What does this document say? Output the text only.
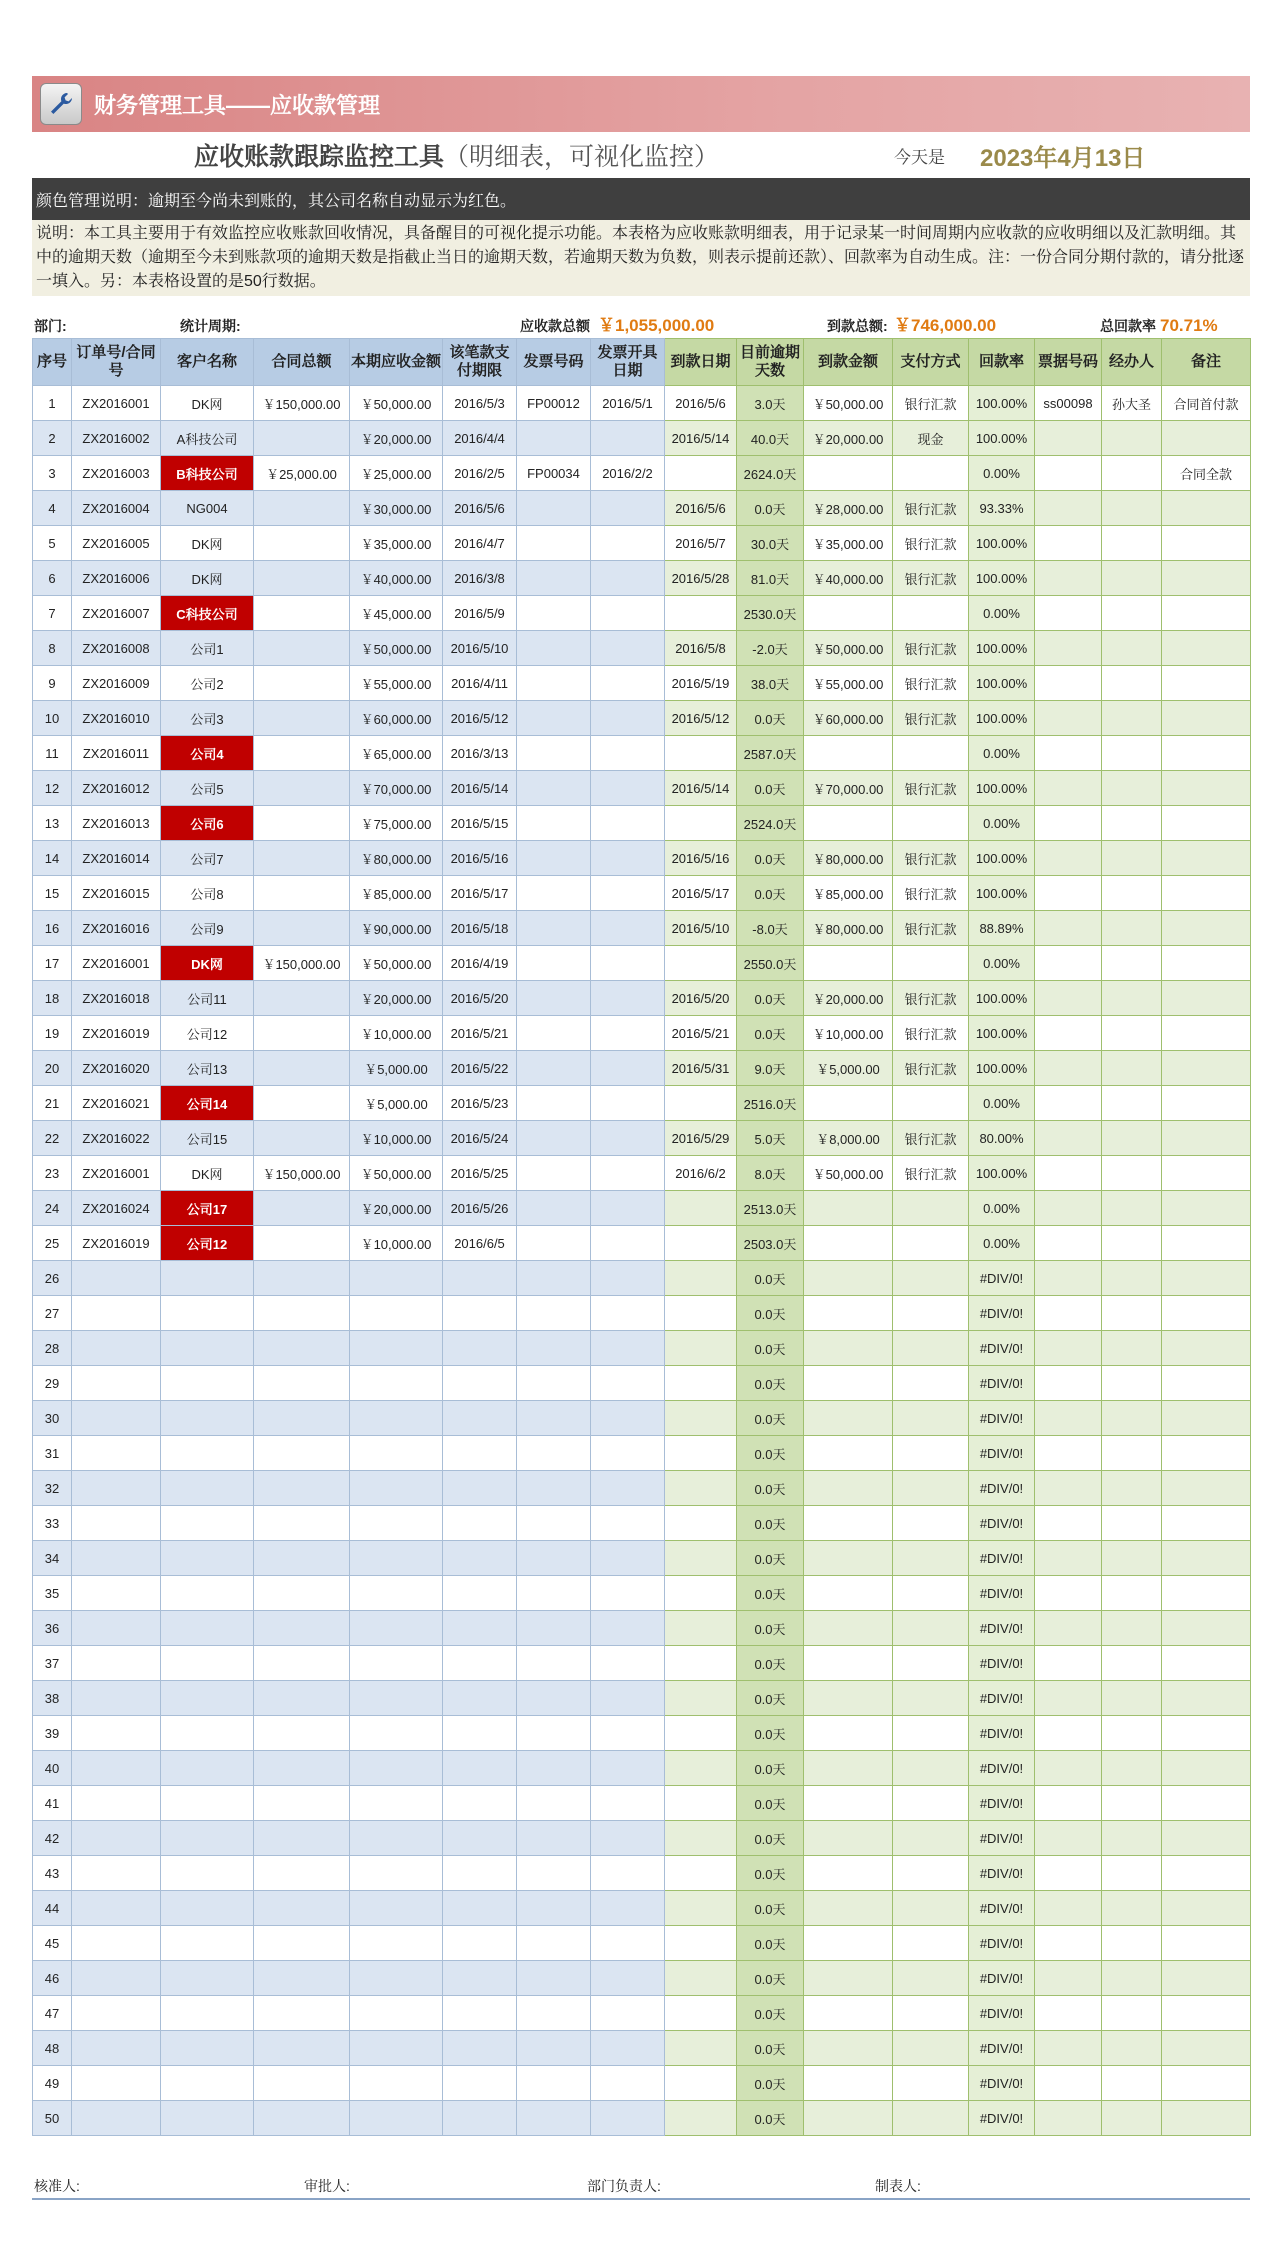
财务管理工具——应收款管理
应收账款跟踪监控工具（明细表，可视化监控）	今天是 2023年4月13日
颜色管理说明：逾期至今尚未到账的，其公司名称自动显示为红色。
说明：本工具主要用于有效监控应收账款回收情况，具备醒目的可视化提示功能。本表格为应收账款明细表，用于记录某一时间周期内应收款的应收明细以及汇款明细。其中的逾期天数（逾期至今未到账款项的逾期天数是指截止当日的逾期天数，若逾期天数为负数，则表示提前还款）、回款率为自动生成。注：一份合同分期付款的，请分批逐一填入。另：本表格设置的是50行数据。
部门:	统计周期:	应收款总额 ￥1,055,000.00	到款总额: ￥746,000.00	总回款率 70.71%
序号	订单号/合同号	客户名称	合同总额	本期应收金额	该笔款支付期限	发票号码	发票开具日期	到款日期	目前逾期天数	到款金额	支付方式	回款率	票据号码	经办人	备注
1	ZX2016001	DK网	￥150,000.00	￥50,000.00	2016/5/3	FP00012	2016/5/1	2016/5/6	3.0天	￥50,000.00	银行汇款	100.00%	ss00098	孙大圣	合同首付款
2	ZX2016002	A科技公司		￥20,000.00	2016/4/4			2016/5/14	40.0天	￥20,000.00	现金	100.00%			
3	ZX2016003	B科技公司	￥25,000.00	￥25,000.00	2016/2/5	FP00034	2016/2/2		2624.0天			0.00%			合同全款
4	ZX2016004	NG004		￥30,000.00	2016/5/6			2016/5/6	0.0天	￥28,000.00	银行汇款	93.33%			
5	ZX2016005	DK网		￥35,000.00	2016/4/7			2016/5/7	30.0天	￥35,000.00	银行汇款	100.00%			
6	ZX2016006	DK网		￥40,000.00	2016/3/8			2016/5/28	81.0天	￥40,000.00	银行汇款	100.00%			
7	ZX2016007	C科技公司		￥45,000.00	2016/5/9				2530.0天			0.00%			
8	ZX2016008	公司1		￥50,000.00	2016/5/10			2016/5/8	-2.0天	￥50,000.00	银行汇款	100.00%			
9	ZX2016009	公司2		￥55,000.00	2016/4/11			2016/5/19	38.0天	￥55,000.00	银行汇款	100.00%			
10	ZX2016010	公司3		￥60,000.00	2016/5/12			2016/5/12	0.0天	￥60,000.00	银行汇款	100.00%			
11	ZX2016011	公司4		￥65,000.00	2016/3/13				2587.0天			0.00%			
12	ZX2016012	公司5		￥70,000.00	2016/5/14			2016/5/14	0.0天	￥70,000.00	银行汇款	100.00%			
13	ZX2016013	公司6		￥75,000.00	2016/5/15				2524.0天			0.00%			
14	ZX2016014	公司7		￥80,000.00	2016/5/16			2016/5/16	0.0天	￥80,000.00	银行汇款	100.00%			
15	ZX2016015	公司8		￥85,000.00	2016/5/17			2016/5/17	0.0天	￥85,000.00	银行汇款	100.00%			
16	ZX2016016	公司9		￥90,000.00	2016/5/18			2016/5/10	-8.0天	￥80,000.00	银行汇款	88.89%			
17	ZX2016001	DK网	￥150,000.00	￥50,000.00	2016/4/19				2550.0天			0.00%			
18	ZX2016018	公司11		￥20,000.00	2016/5/20			2016/5/20	0.0天	￥20,000.00	银行汇款	100.00%			
19	ZX2016019	公司12		￥10,000.00	2016/5/21			2016/5/21	0.0天	￥10,000.00	银行汇款	100.00%			
20	ZX2016020	公司13		￥5,000.00	2016/5/22			2016/5/31	9.0天	￥5,000.00	银行汇款	100.00%			
21	ZX2016021	公司14		￥5,000.00	2016/5/23				2516.0天			0.00%			
22	ZX2016022	公司15		￥10,000.00	2016/5/24			2016/5/29	5.0天	￥8,000.00	银行汇款	80.00%			
23	ZX2016001	DK网	￥150,000.00	￥50,000.00	2016/5/25			2016/6/2	8.0天	￥50,000.00	银行汇款	100.00%			
24	ZX2016024	公司17		￥20,000.00	2016/5/26				2513.0天			0.00%			
25	ZX2016019	公司12		￥10,000.00	2016/6/5				2503.0天			0.00%			
26									0.0天			#DIV/0!			
27									0.0天			#DIV/0!			
28									0.0天			#DIV/0!			
29									0.0天			#DIV/0!			
30									0.0天			#DIV/0!			
31									0.0天			#DIV/0!			
32									0.0天			#DIV/0!			
33									0.0天			#DIV/0!			
34									0.0天			#DIV/0!			
35									0.0天			#DIV/0!			
36									0.0天			#DIV/0!			
37									0.0天			#DIV/0!			
38									0.0天			#DIV/0!			
39									0.0天			#DIV/0!			
40									0.0天			#DIV/0!			
41									0.0天			#DIV/0!			
42									0.0天			#DIV/0!			
43									0.0天			#DIV/0!			
44									0.0天			#DIV/0!			
45									0.0天			#DIV/0!			
46									0.0天			#DIV/0!			
47									0.0天			#DIV/0!			
48									0.0天			#DIV/0!			
49									0.0天			#DIV/0!			
50									0.0天			#DIV/0!			
核准人:	审批人:	部门负责人:	制表人:
